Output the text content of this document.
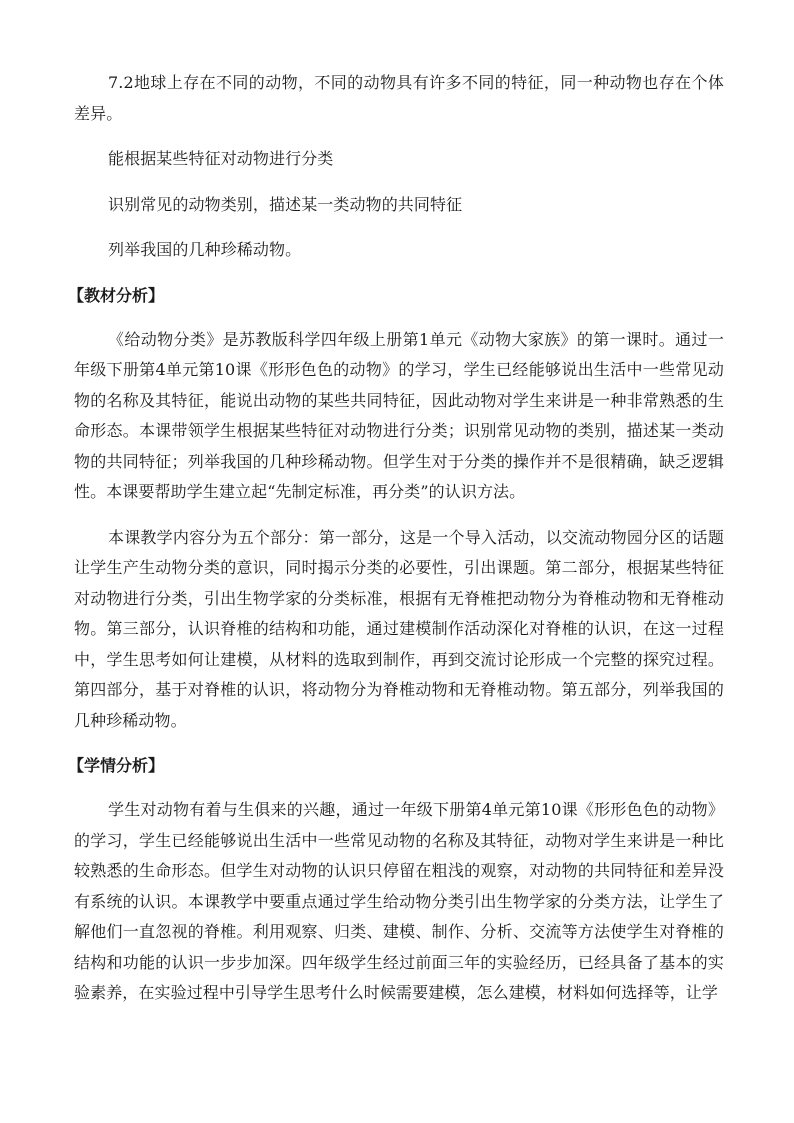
7.2地球上存在不同的动物，不同的动物具有许多不同的特征，同一种动物也存在个体差异。

能根据某些特征对动物进行分类

识别常见的动物类别，描述某一类动物的共同特征

列举我国的几种珍稀动物。

【教材分析】

《给动物分类》是苏教版科学四年级上册第1单元《动物大家族》的第一课时。通过一年级下册第4单元第10课《形形色色的动物》的学习，学生已经能够说出生活中一些常见动物的名称及其特征，能说出动物的某些共同特征，因此动物对学生来讲是一种非常熟悉的生命形态。本课带领学生根据某些特征对动物进行分类；识别常见动物的类别，描述某一类动物的共同特征；列举我国的几种珍稀动物。但学生对于分类的操作并不是很精确，缺乏逻辑性。本课要帮助学生建立起“先制定标准，再分类”的认识方法。

本课教学内容分为五个部分：第一部分，这是一个导入活动，以交流动物园分区的话题让学生产生动物分类的意识，同时揭示分类的必要性，引出课题。第二部分，根据某些特征对动物进行分类，引出生物学家的分类标准，根据有无脊椎把动物分为脊椎动物和无脊椎动物。第三部分，认识脊椎的结构和功能，通过建模制作活动深化对脊椎的认识，在这一过程中，学生思考如何让建模，从材料的选取到制作，再到交流讨论形成一个完整的探究过程。第四部分，基于对脊椎的认识，将动物分为脊椎动物和无脊椎动物。第五部分，列举我国的几种珍稀动物。

【学情分析】

学生对动物有着与生俱来的兴趣，通过一年级下册第4单元第10课《形形色色的动物》的学习，学生已经能够说出生活中一些常见动物的名称及其特征，动物对学生来讲是一种比较熟悉的生命形态。但学生对动物的认识只停留在粗浅的观察，对动物的共同特征和差异没有系统的认识。本课教学中要重点通过学生给动物分类引出生物学家的分类方法，让学生了解他们一直忽视的脊椎。利用观察、归类、建模、制作、分析、交流等方法使学生对脊椎的结构和功能的认识一步步加深。四年级学生经过前面三年的实验经历，已经具备了基本的实验素养，在实验过程中引导学生思考什么时候需要建模，怎么建模，材料如何选择等，让学
